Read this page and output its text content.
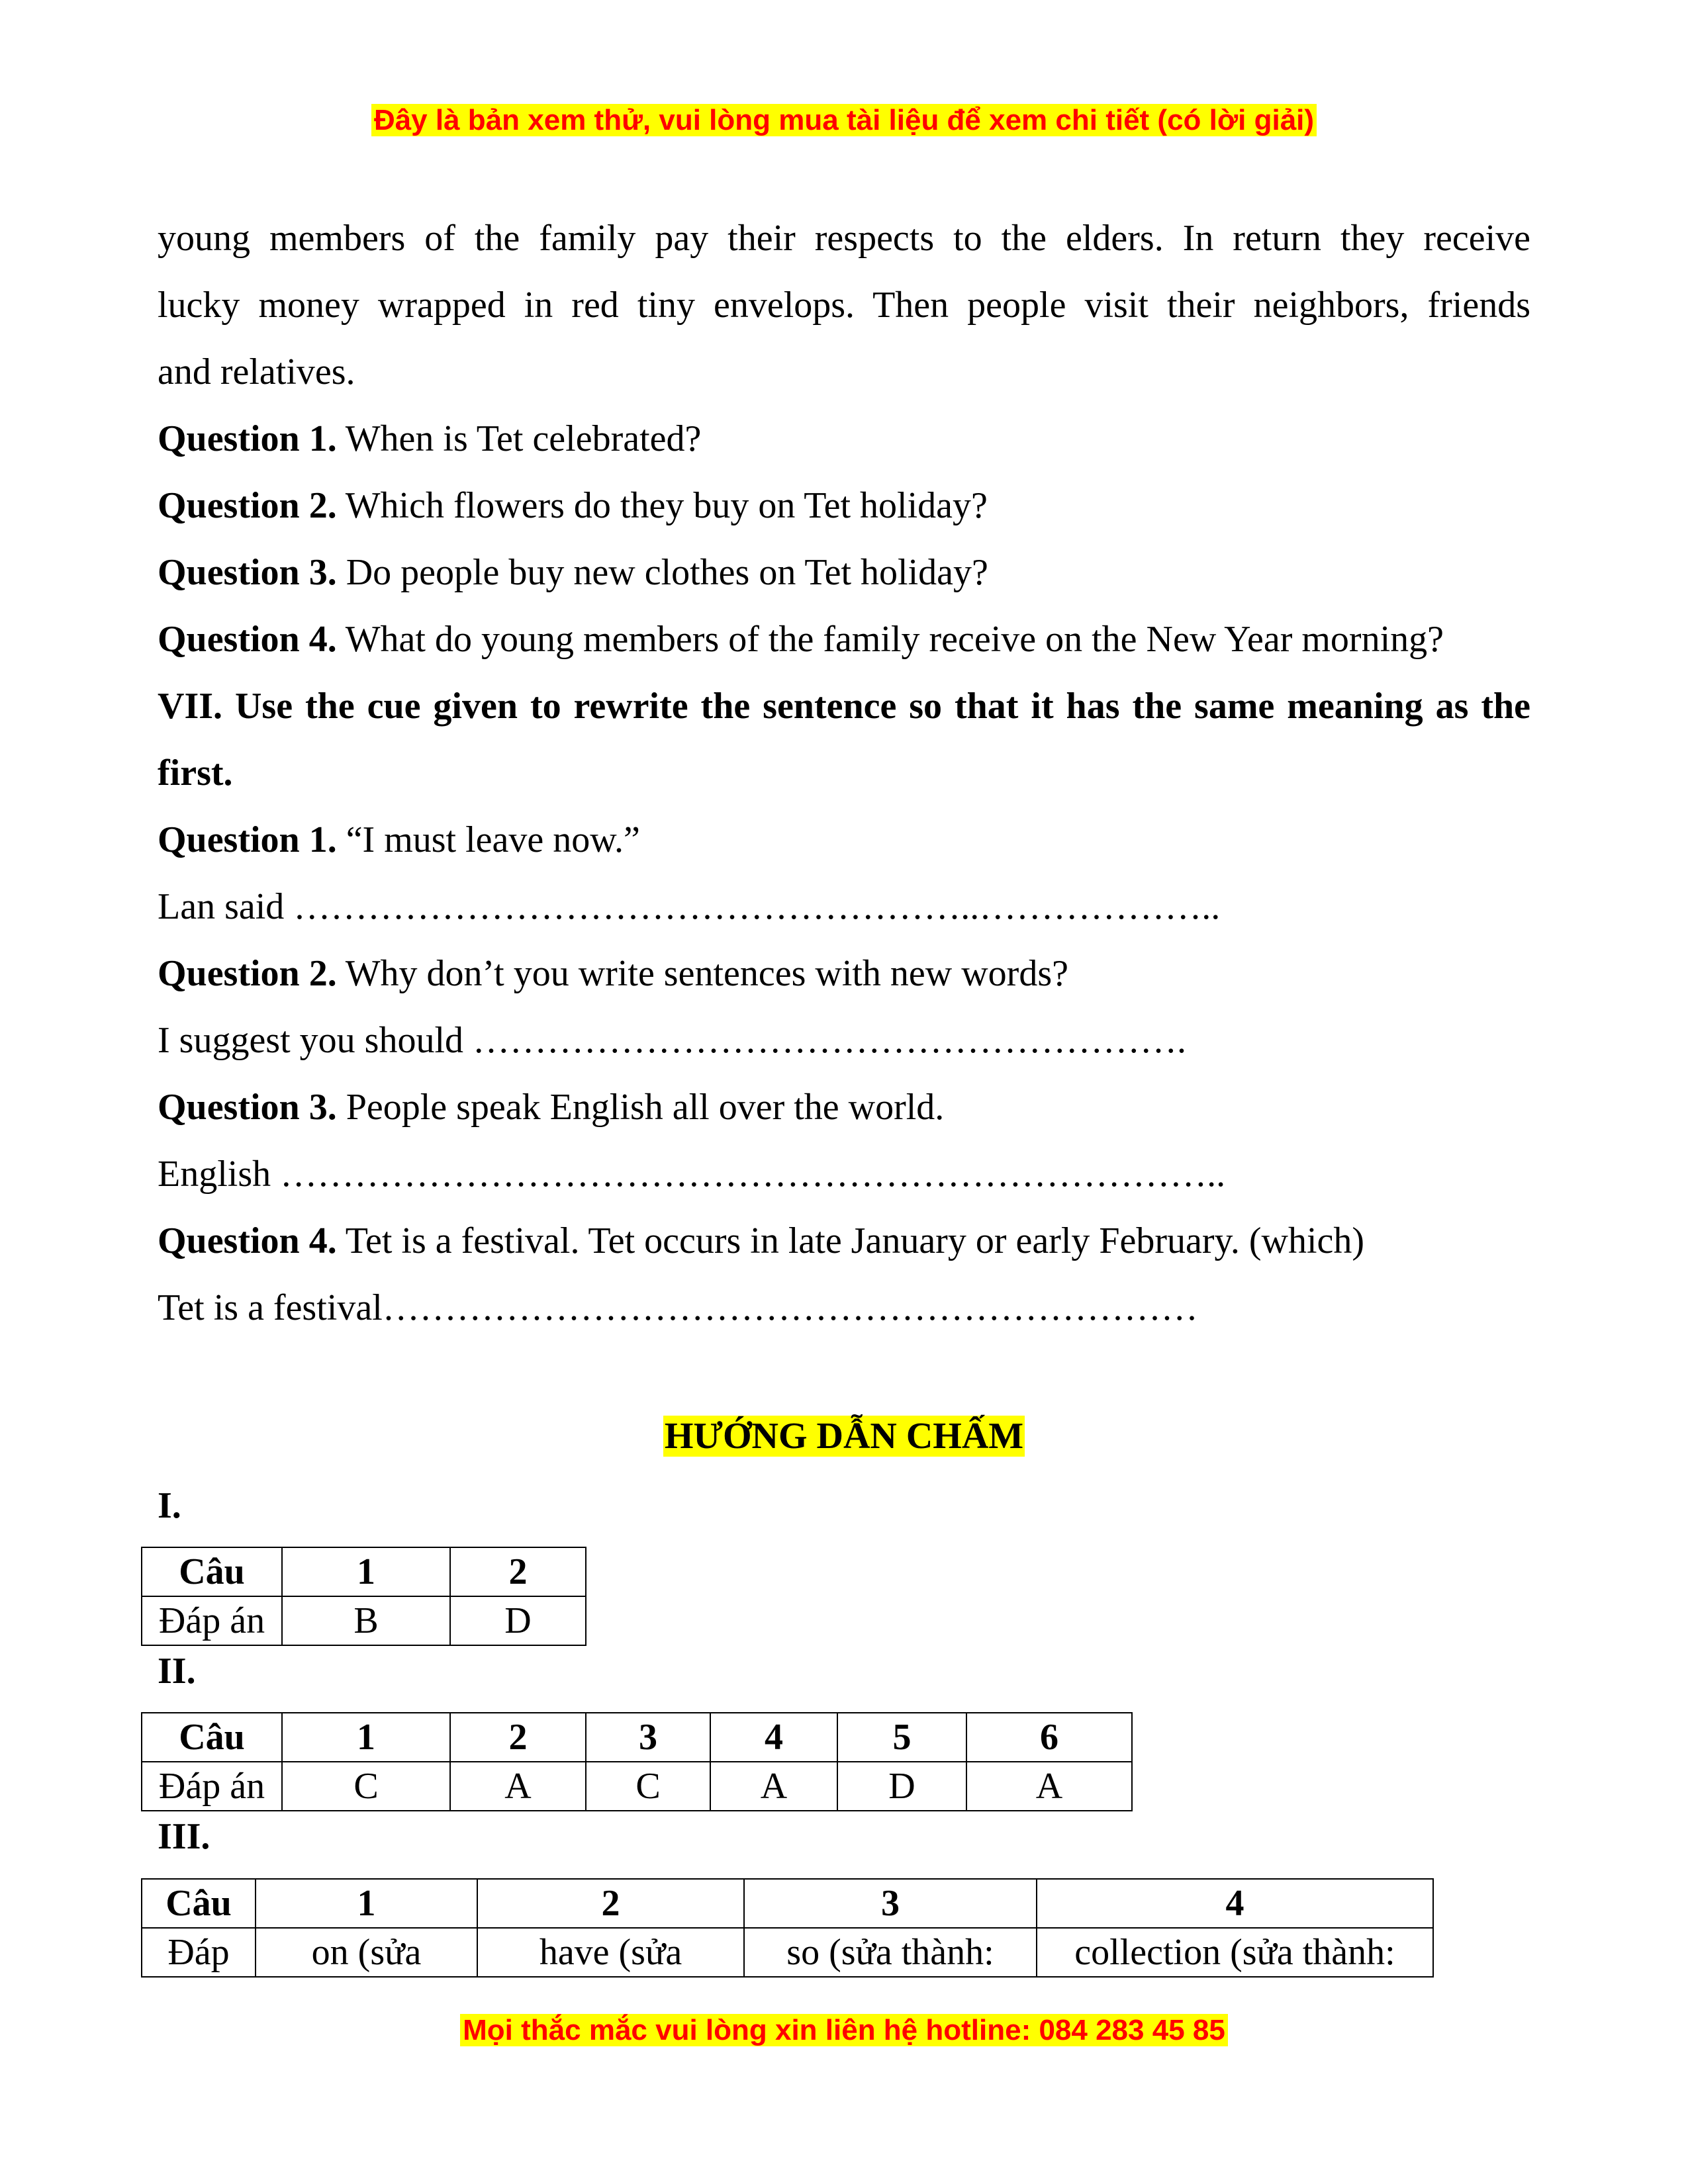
Đây là bản xem thử, vui lòng mua tài liệu để xem chi tiết (có lời giải)
young members of the family pay their respects to the elders. In return they receive
lucky money wrapped in red tiny envelops. Then people visit their neighbors, friends
and relatives.
Question 1. When is Tet celebrated?
Question 2. Which flowers do they buy on Tet holiday?
Question 3. Do people buy new clothes on Tet holiday?
Question 4. What do young members of the family receive on the New Year morning?
VII. Use the cue given to rewrite the sentence so that it has the same meaning as the
first.
Question 1. “I must leave now.”
Lan said ………………………………………………..………………..
Question 2. Why don’t you write sentences with new words?
I suggest you should ………………………………………………….
Question 3. People speak English all over the world.
English …………………………………………………………………..
Question 4. Tet is a festival. Tet occurs in late January or early February. (which)
Tet is a festival…………………………………………………………
HƯỚNG DẪN CHẤM
I.
Câu	1	2
Đáp án	B	D
II.
Câu	1	2	3	4	5	6
Đáp án	C	A	C	A	D	A
III.
Câu	1	2	3	4
Đáp	on (sửa	have (sửa	so (sửa thành:	collection (sửa thành:
Mọi thắc mắc vui lòng xin liên hệ hotline: 084 283 45 85
